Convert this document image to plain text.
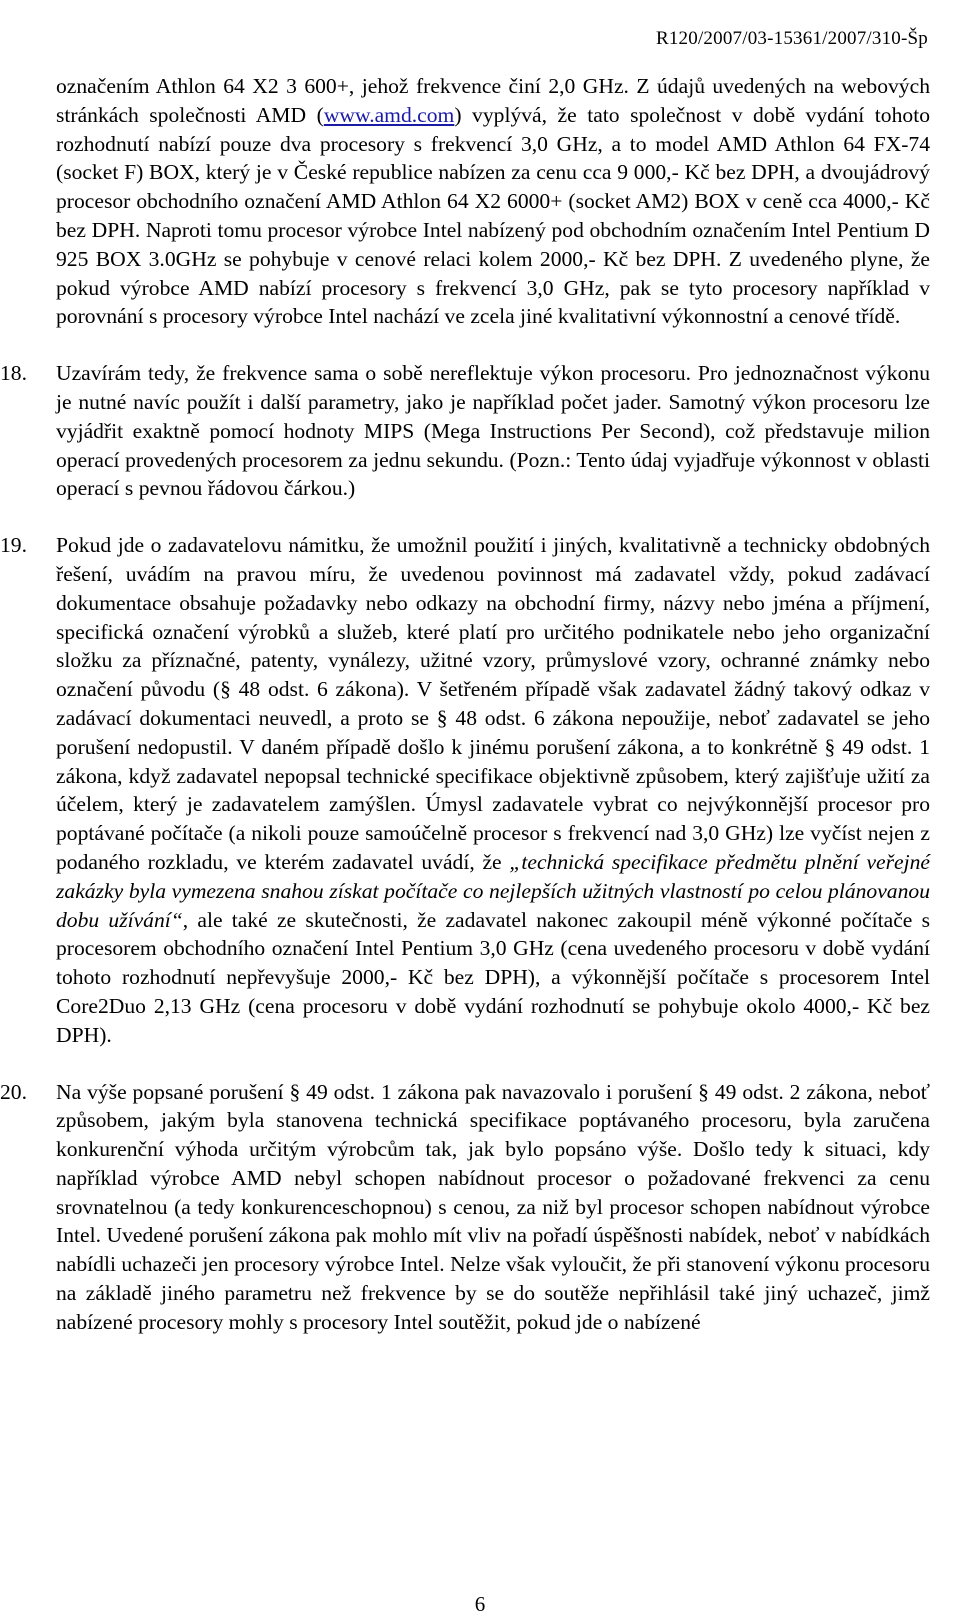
R120/2007/03-15361/2007/310-Šp

označením Athlon 64 X2 3 600+, jehož frekvence činí 2,0 GHz. Z údajů uvedených na webových stránkách společnosti AMD (www.amd.com) vyplývá, že tato společnost v době vydání tohoto rozhodnutí nabízí pouze dva procesory s frekvencí 3,0 GHz, a to model AMD Athlon 64 FX-74 (socket F) BOX, který je v České republice nabízen za cenu cca 9 000,- Kč bez DPH, a dvoujádrový procesor obchodního označení AMD Athlon 64 X2 6000+ (socket AM2) BOX v ceně cca 4000,- Kč bez DPH. Naproti tomu procesor výrobce Intel nabízený pod obchodním označením Intel Pentium D 925 BOX 3.0GHz se pohybuje v cenové relaci kolem 2000,- Kč bez DPH. Z uvedeného plyne, že pokud výrobce AMD nabízí procesory s frekvencí 3,0 GHz, pak se tyto procesory například v porovnání s procesory výrobce Intel nachází ve zcela jiné kvalitativní výkonnostní a cenové třídě.

18. Uzavírám tedy, že frekvence sama o sobě nereflektuje výkon procesoru. Pro jednoznačnost výkonu je nutné navíc použít i další parametry, jako je například počet jader. Samotný výkon procesoru lze vyjádřit exaktně pomocí hodnoty MIPS (Mega Instructions Per Second), což představuje milion operací provedených procesorem za jednu sekundu. (Pozn.: Tento údaj vyjadřuje výkonnost v oblasti operací s pevnou řádovou čárkou.)

19. Pokud jde o zadavatelovu námitku, že umožnil použití i jiných, kvalitativně a technicky obdobných řešení, uvádím na pravou míru, že uvedenou povinnost má zadavatel vždy, pokud zadávací dokumentace obsahuje požadavky nebo odkazy na obchodní firmy, názvy nebo jména a příjmení, specifická označení výrobků a služeb, které platí pro určitého podnikatele nebo jeho organizační složku za příznačné, patenty, vynálezy, užitné vzory, průmyslové vzory, ochranné známky nebo označení původu (§ 48 odst. 6 zákona). V šetřeném případě však zadavatel žádný takový odkaz v zadávací dokumentaci neuvedl, a proto se § 48 odst. 6 zákona nepoužije, neboť zadavatel se jeho porušení nedopustil. V daném případě došlo k jinému porušení zákona, a to konkrétně § 49 odst. 1 zákona, když zadavatel nepopsal technické specifikace objektivně způsobem, který zajišťuje užití za účelem, který je zadavatelem zamýšlen. Úmysl zadavatele vybrat co nejvýkonnější procesor pro poptávané počítače (a nikoli pouze samoúčelně procesor s frekvencí nad 3,0 GHz) lze vyčíst nejen z podaného rozkladu, ve kterém zadavatel uvádí, že „technická specifikace předmětu plnění veřejné zakázky byla vymezena snahou získat počítače co nejlepších užitných vlastností po celou plánovanou dobu užívání“, ale také ze skutečnosti, že zadavatel nakonec zakoupil méně výkonné počítače s procesorem obchodního označení Intel Pentium 3,0 GHz (cena uvedeného procesoru v době vydání tohoto rozhodnutí nepřevyšuje 2000,- Kč bez DPH), a výkonnější počítače s procesorem Intel Core2Duo 2,13 GHz (cena procesoru v době vydání rozhodnutí se pohybuje okolo 4000,- Kč bez DPH).

20. Na výše popsané porušení § 49 odst. 1 zákona pak navazovalo i porušení § 49 odst. 2 zákona, neboť způsobem, jakým byla stanovena technická specifikace poptávaného procesoru, byla zaručena konkurenční výhoda určitým výrobcům tak, jak bylo popsáno výše. Došlo tedy k situaci, kdy například výrobce AMD nebyl schopen nabídnout procesor o požadované frekvenci za cenu srovnatelnou (a tedy konkurenceschopnou) s cenou, za niž byl procesor schopen nabídnout výrobce Intel. Uvedené porušení zákona pak mohlo mít vliv na pořadí úspěšnosti nabídek, neboť v nabídkách nabídli uchazeči jen procesory výrobce Intel. Nelze však vyloučit, že při stanovení výkonu procesoru na základě jiného parametru než frekvence by se do soutěže nepřihlásil také jiný uchazeč, jimž nabízené procesory mohly s procesory Intel soutěžit, pokud jde o nabízené

6
